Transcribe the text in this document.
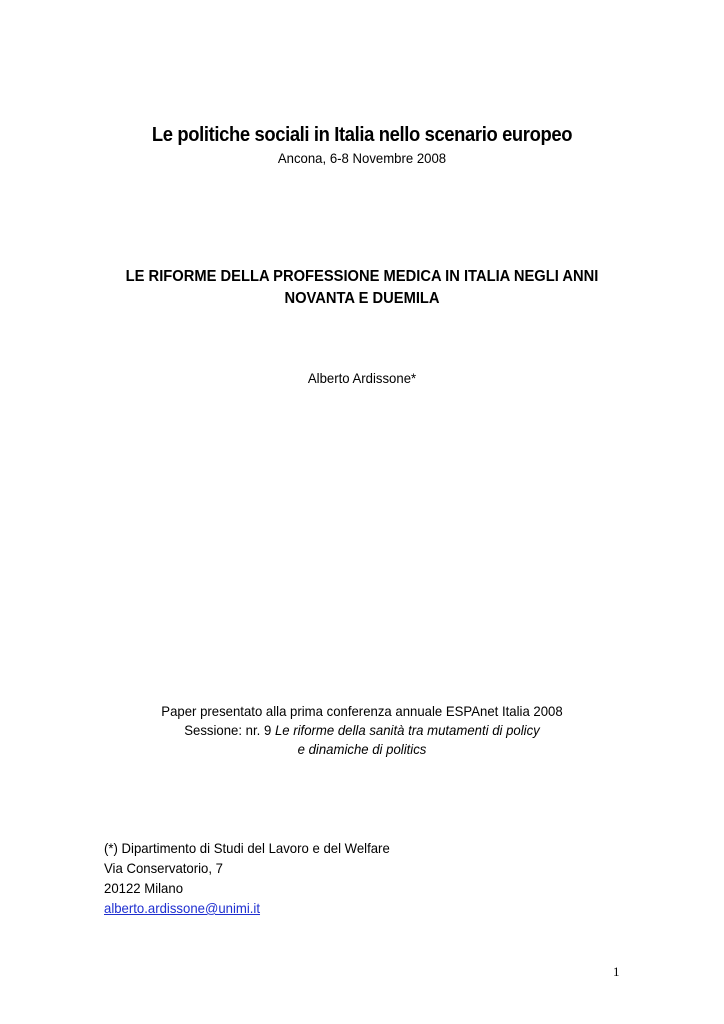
Le politiche sociali in Italia nello scenario europeo
Ancona, 6-8 Novembre 2008
LE RIFORME DELLA PROFESSIONE MEDICA IN ITALIA NEGLI ANNI
NOVANTA E DUEMILA
Alberto Ardissone*
Paper presentato alla prima conferenza annuale ESPAnet Italia 2008
Sessione: nr. 9 Le riforme della sanità tra mutamenti di policy
e dinamiche di politics
(*) Dipartimento di Studi del Lavoro e del Welfare
Via Conservatorio, 7
20122 Milano
alberto.ardissone@unimi.it
1
